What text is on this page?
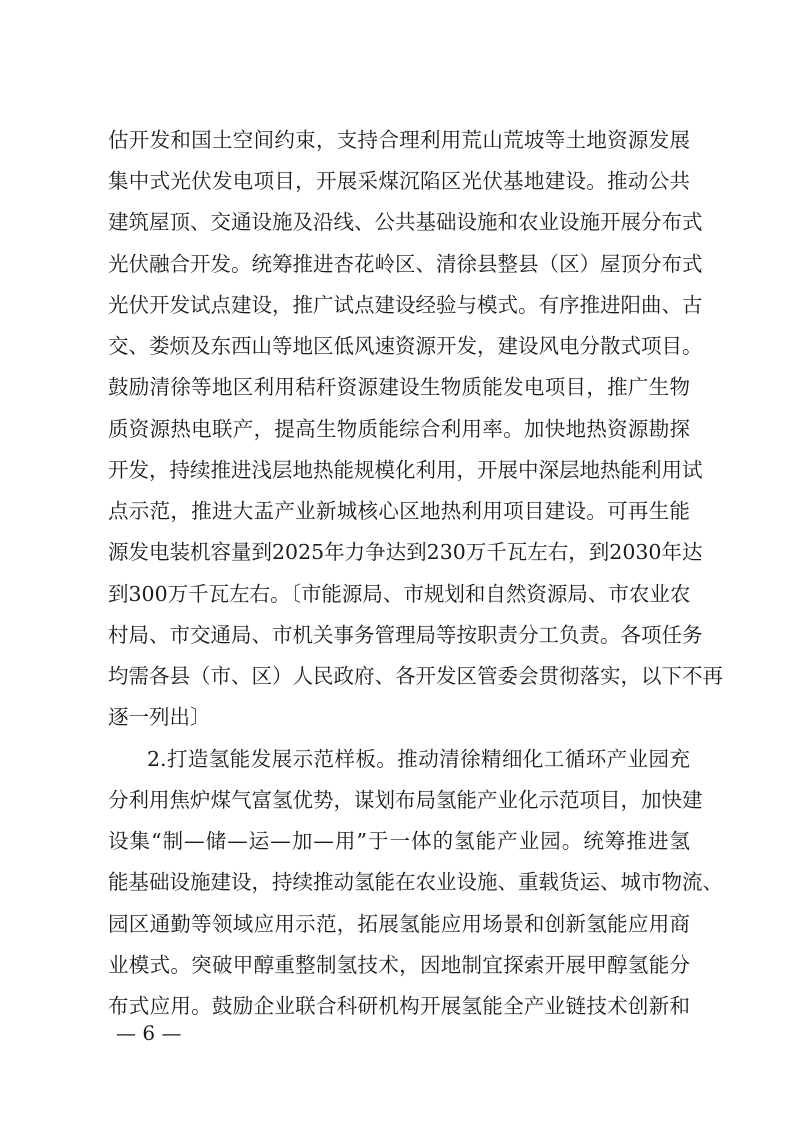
估开发和国土空间约束，支持合理利用荒山荒坡等土地资源发展
集中式光伏发电项目，开展采煤沉陷区光伏基地建设。推动公共
建筑屋顶、交通设施及沿线、公共基础设施和农业设施开展分布式
光伏融合开发。统筹推进杏花岭区、清徐县整县（区）屋顶分布式
光伏开发试点建设，推广试点建设经验与模式。有序推进阳曲、古
交、娄烦及东西山等地区低风速资源开发，建设风电分散式项目。
鼓励清徐等地区利用秸秆资源建设生物质能发电项目，推广生物
质资源热电联产，提高生物质能综合利用率。加快地热资源勘探
开发，持续推进浅层地热能规模化利用，开展中深层地热能利用试
点示范，推进大盂产业新城核心区地热利用项目建设。可再生能
源发电装机容量到2025年力争达到230万千瓦左右，到2030年达
到300万千瓦左右。〔市能源局、市规划和自然资源局、市农业农
村局、市交通局、市机关事务管理局等按职责分工负责。各项任务
均需各县（市、区）人民政府、各开发区管委会贯彻落实，以下不再
逐一列出〕
2.打造氢能发展示范样板。推动清徐精细化工循环产业园充
分利用焦炉煤气富氢优势，谋划布局氢能产业化示范项目，加快建
设集“制—储—运—加—用”于一体的氢能产业园。统筹推进氢
能基础设施建设，持续推动氢能在农业设施、重载货运、城市物流、
园区通勤等领域应用示范，拓展氢能应用场景和创新氢能应用商
业模式。突破甲醇重整制氢技术，因地制宜探索开展甲醇氢能分
布式应用。鼓励企业联合科研机构开展氢能全产业链技术创新和
— 6 —
